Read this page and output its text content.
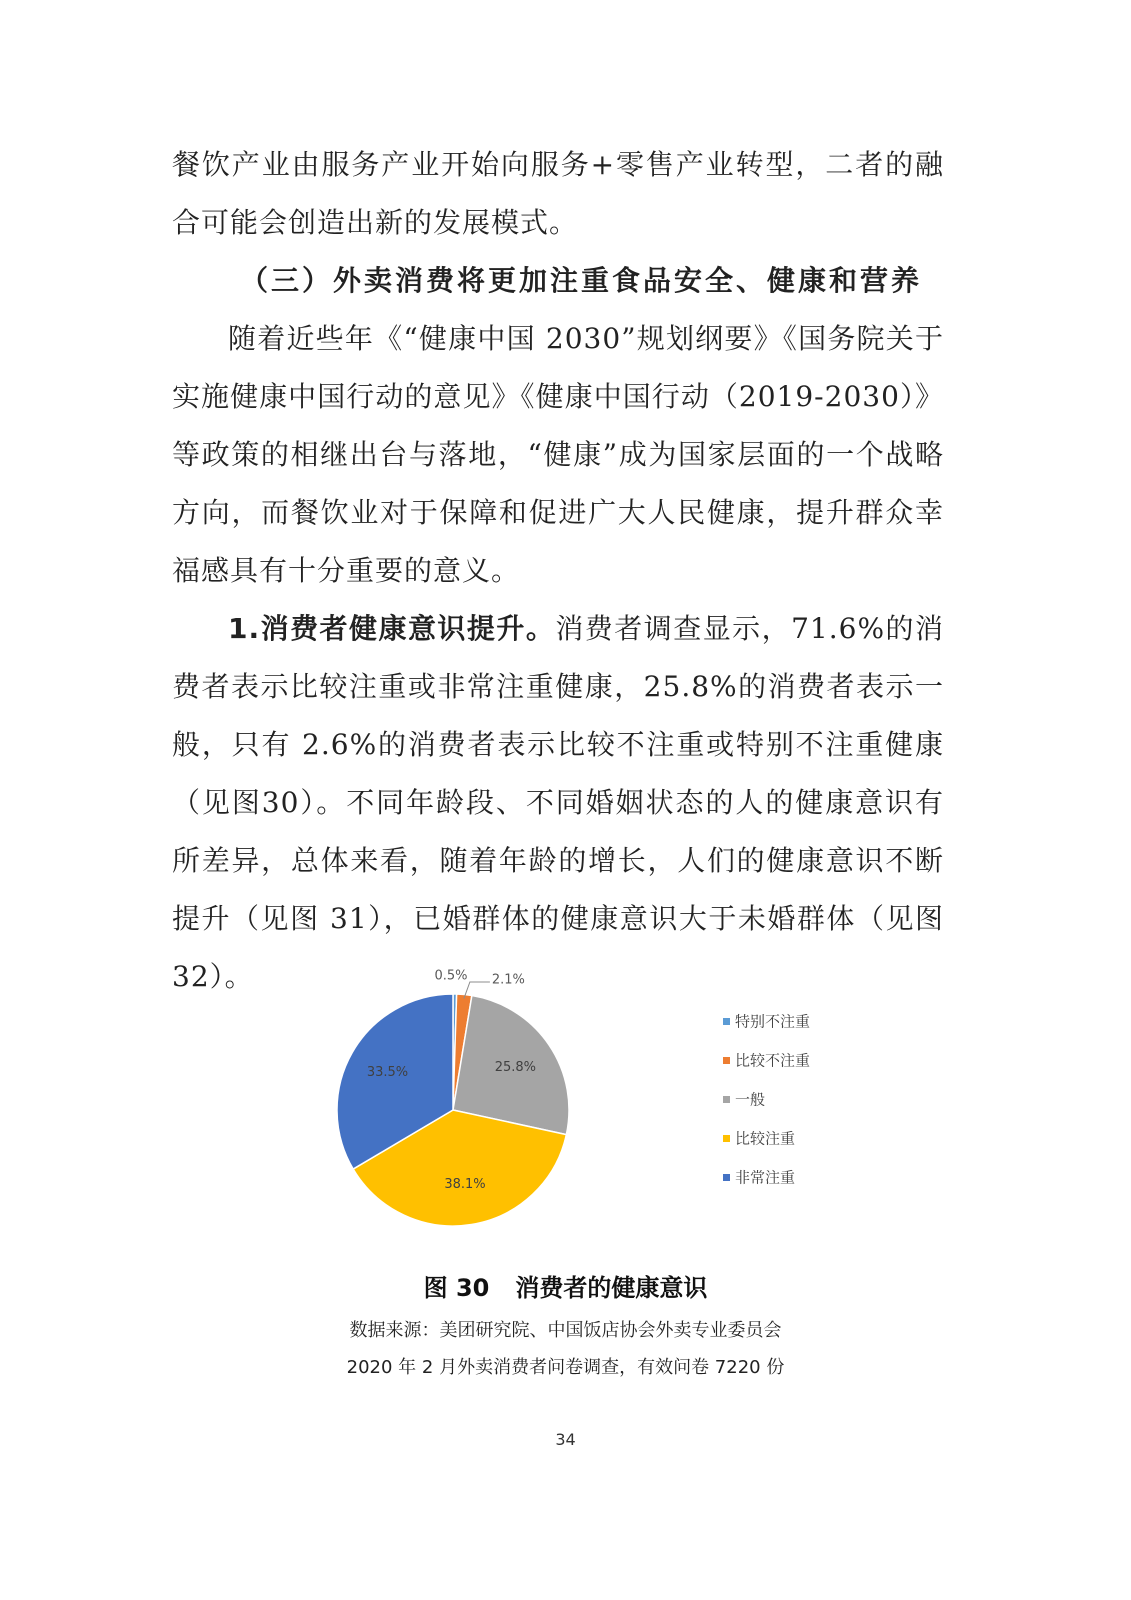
餐饮产业由服务产业开始向服务+零售产业转型，二者的融合可能会创造出新的发展模式。

（三）外卖消费将更加注重食品安全、健康和营养

随着近些年《“健康中国 2030”规划纲要》《国务院关于实施健康中国行动的意见》《健康中国行动（2019-2030）》等政策的相继出台与落地，“健康”成为国家层面的一个战略方向，而餐饮业对于保障和促进广大人民健康，提升群众幸福感具有十分重要的意义。

1.消费者健康意识提升。消费者调查显示，71.6%的消费者表示比较注重或非常注重健康，25.8%的消费者表示一般，只有 2.6%的消费者表示比较不注重或特别不注重健康（见图30）。不同年龄段、不同婚姻状态的人的健康意识有所差异，总体来看，随着年龄的增长，人们的健康意识不断提升（见图 31），已婚群体的健康意识大于未婚群体（见图 32）。	0.5% 2.1%
25.8%
38.1%
33.5%
特别不注重
比较不注重
一般
比较注重
非常注重
图 30 消费者的健康意识
数据来源：美团研究院、中国饭店协会外卖专业委员会
2020 年 2 月外卖消费者问卷调查，有效问卷 7220 份
34
